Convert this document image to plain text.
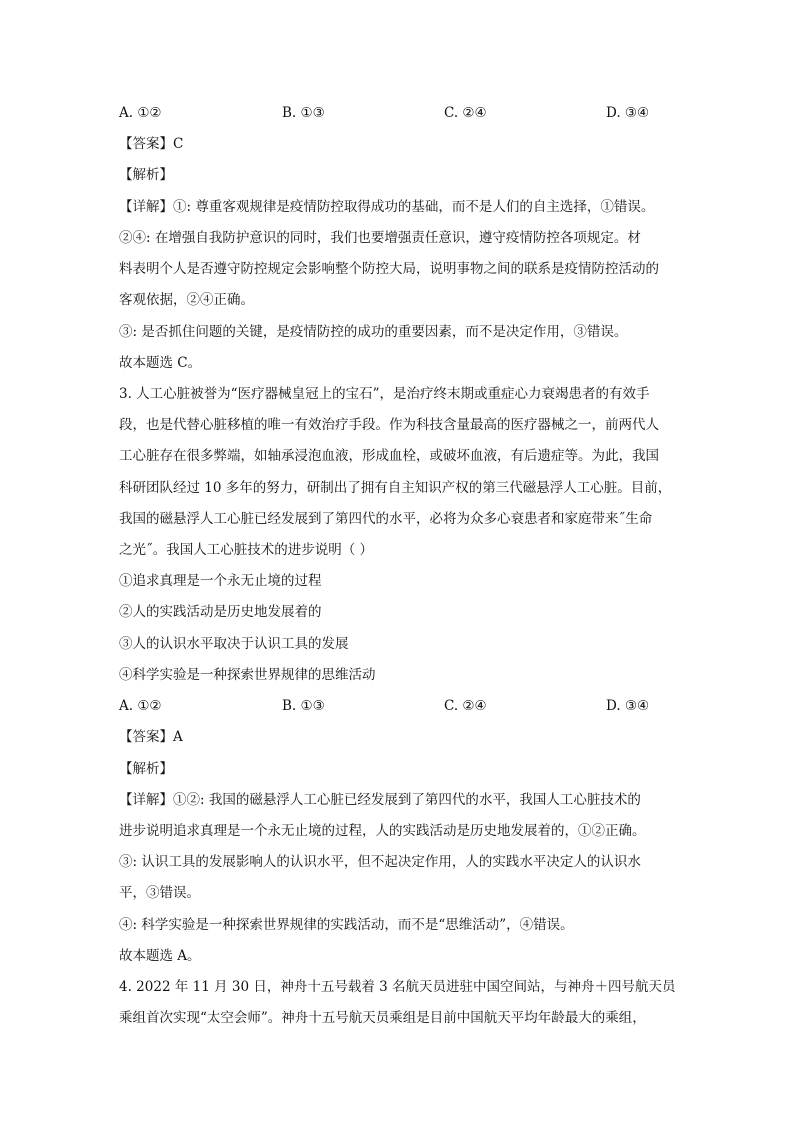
A. ①②	B. ①③	C. ②④	D. ③④
【答案】C
【解析】
【详解】①: 尊重客观规律是疫情防控取得成功的基础，而不是人们的自主选择，①错误。
②④: 在增强自我防护意识的同时，我们也要增强责任意识，遵守疫情防控各项规定。材
料表明个人是否遵守防控规定会影响整个防控大局，说明事物之间的联系是疫情防控活动的
客观依据，②④正确。
③: 是否抓住问题的关键，是疫情防控的成功的重要因素，而不是决定作用，③错误。
故本题选 C。
3. 人工心脏被誉为“医疗器械皇冠上的宝石”，是治疗终末期或重症心力衰竭患者的有效手
段，也是代替心脏移植的唯一有效治疗手段。作为科技含量最高的医疗器械之一，前两代人
工心脏存在很多弊端，如轴承浸泡血液，形成血栓，或破坏血液，有后遗症等。为此，我国
科研团队经过 10 多年的努力，研制出了拥有自主知识产权的第三代磁悬浮人工心脏。目前，
我国的磁悬浮人工心脏已经发展到了第四代的水平，必将为众多心衰患者和家庭带来˝生命
之光˝。我国人工心脏技术的进步说明（ ）
①追求真理是一个永无止境的过程
②人的实践活动是历史地发展着的
③人的认识水平取决于认识工具的发展
④科学实验是一种探索世界规律的思维活动
A. ①②	B. ①③	C. ②④	D. ③④
【答案】A
【解析】
【详解】①②: 我国的磁悬浮人工心脏已经发展到了第四代的水平，我国人工心脏技术的
进步说明追求真理是一个永无止境的过程，人的实践活动是历史地发展着的，①②正确。
③: 认识工具的发展影响人的认识水平，但不起决定作用，人的实践水平决定人的认识水
平，③错误。
④: 科学实验是一种探索世界规律的实践活动，而不是“思维活动”，④错误。
故本题选 A。
4. 2022 年 11 月 30 日，神舟十五号载着 3 名航天员进驻中国空间站，与神舟＋四号航天员
乘组首次实现“太空会师”。神舟十五号航天员乘组是目前中国航天平均年龄最大的乘组，
